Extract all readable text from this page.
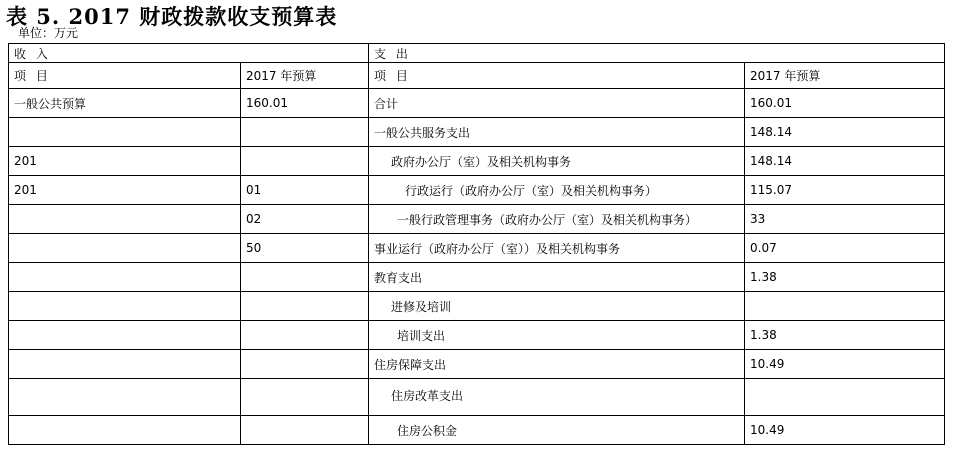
表 5. 2017 财政拨款收支预算表
单位：万元
收 入		支 出	
项 目	2017 年预算	项 目	2017 年预算
一般公共预算	160.01	合计	160.01
		一般公共服务支出	148.14
201		政府办公厅（室）及相关机构事务	148.14
201	01	行政运行（政府办公厅（室）及相关机构事务）	115.07
	02	一般行政管理事务（政府办公厅（室）及相关机构事务）	33
	50	事业运行（政府办公厅（室））及相关机构事务	0.07
		教育支出	1.38
		进修及培训	
		培训支出	1.38
		住房保障支出	10.49
		住房改革支出	
		住房公积金	10.49
